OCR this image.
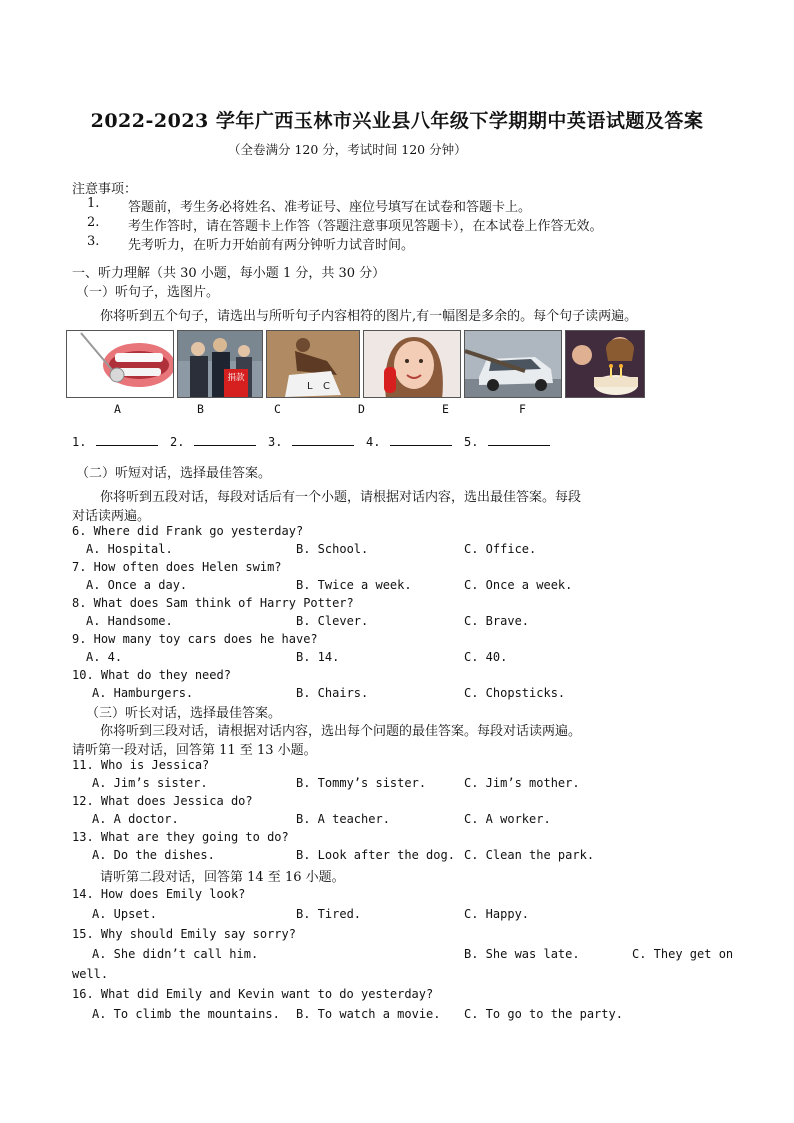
2022-2023 学年广西玉林市兴业县八年级下学期期中英语试题及答案
（全卷满分 120 分，考试时间 120 分钟）
注意事项：
1. 答题前，考生务必将姓名、准考证号、座位号填写在试卷和答题卡上。
2. 考生作答时，请在答题卡上作答（答题注意事项见答题卡），在本试卷上作答无效。
3. 先考听力，在听力开始前有两分钟听力试音时间。
一、听力理解（共 30 小题，每小题 1 分，共 30 分）
（一）听句子，选图片。
你将听到五个句子，请选出与所听句子内容相符的图片,有一幅图是多余的。每个句子读两遍。
捐款
L C
A	B	C	D	E	F
1.	2.	3.	4.	5.
（二）听短对话，选择最佳答案。
你将听到五段对话，每段对话后有一个小题，请根据对话内容，选出最佳答案。每段
对话读两遍。
6. Where did Frank go yesterday?
A. Hospital.	B. School.	C. Office.
7. How often does Helen swim?
A. Once a day.	B. Twice a week.	C. Once a week.
8. What does Sam think of Harry Potter?
A. Handsome.	B. Clever.	C. Brave.
9. How many toy cars does he have?
A. 4.	B. 14.	C. 40.
10. What do they need?
A. Hamburgers.	B. Chairs.	C. Chopsticks.
（三）听长对话，选择最佳答案。
你将听到三段对话，请根据对话内容，选出每个问题的最佳答案。每段对话读两遍。
请听第一段对话，回答第 11 至 13 小题。
11. Who is Jessica?
A. Jim’s sister.	B. Tommy’s sister.	C. Jim’s mother.
12. What does Jessica do?
A. A doctor.	B. A teacher.	C. A worker.
13. What are they going to do?
A. Do the dishes.	B. Look after the dog. C. Clean the park.
请听第二段对话，回答第 14 至 16 小题。
14. How does Emily look?
A. Upset.	B. Tired.	C. Happy.
15. Why should Emily say sorry?
A. She didn’t call him.	B. She was late.	C. They get on
well.
16. What did Emily and Kevin want to do yesterday?
A. To climb the mountains. B. To watch a movie. C. To go to the party.
